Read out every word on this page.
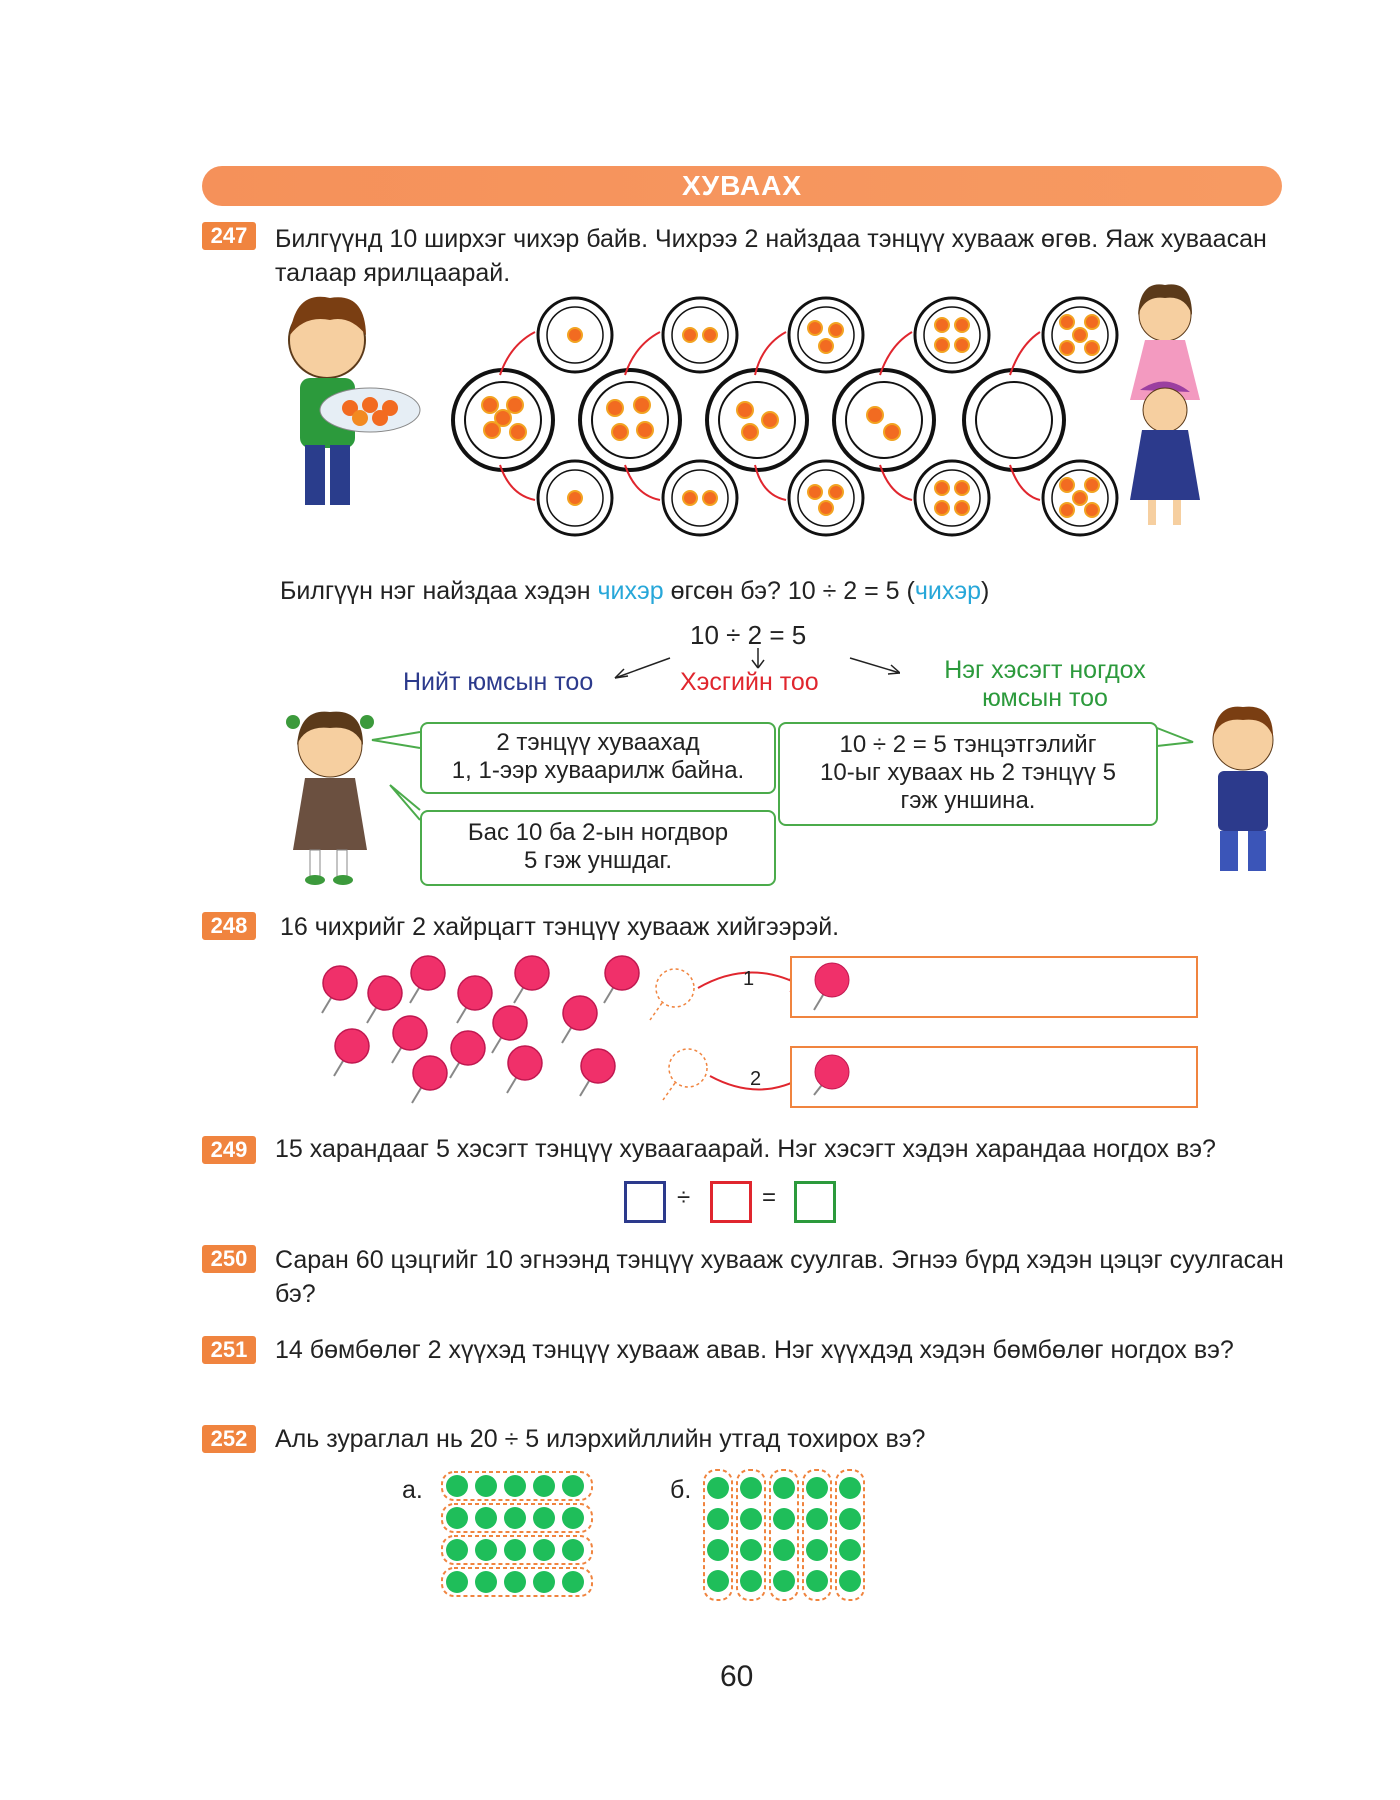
ХУВААХ
247	Билгүүнд 10 ширхэг чихэр байв. Чихрээ 2 найздаа тэнцүү хуваaж өгөв. Яаж хуваасан талаар ярилцаарай.
Билгүүн нэг найздаа хэдэн чихэр өгсөн бэ? 10 ÷ 2 = 5 (чихэр)
10 ÷ 2 = 5
Нийт юмсын тоо	Хэсгийн тоо	Нэг хэсэгт ногдох
юмсын тоо
2 тэнцүү хуваахад
1, 1-ээр хуваарилж байна.
Бас 10 ба 2-ын ногдвор
5 гэж уншдаг.
10 ÷ 2 = 5 тэнцэтгэлийг
10-ыг хуваах нь 2 тэнцүү 5
гэж уншина.
248	16 чихрийг 2 хайрцагт тэнцүү хуваaж хийгээрэй.
1
2
249	15 харандааг 5 хэсэгт тэнцүү хуваагаарай. Нэг хэсэгт хэдэн харандаа ногдох вэ?
÷	=
250	Саран 60 цэцгийг 10 эгнээнд тэнцүү хуваaж суулгав. Эгнээ бүрд хэдэн цэцэг суулгасан бэ?
251	14 бөмбөлөг 2 хүүхэд тэнцүү хуваaж авав. Нэг хүүхдэд хэдэн бөмбөлөг ногдох вэ?
252	Аль зураглал нь 20 ÷ 5 илэрхийллийн утгад тохирох вэ?
а.	б.
60
